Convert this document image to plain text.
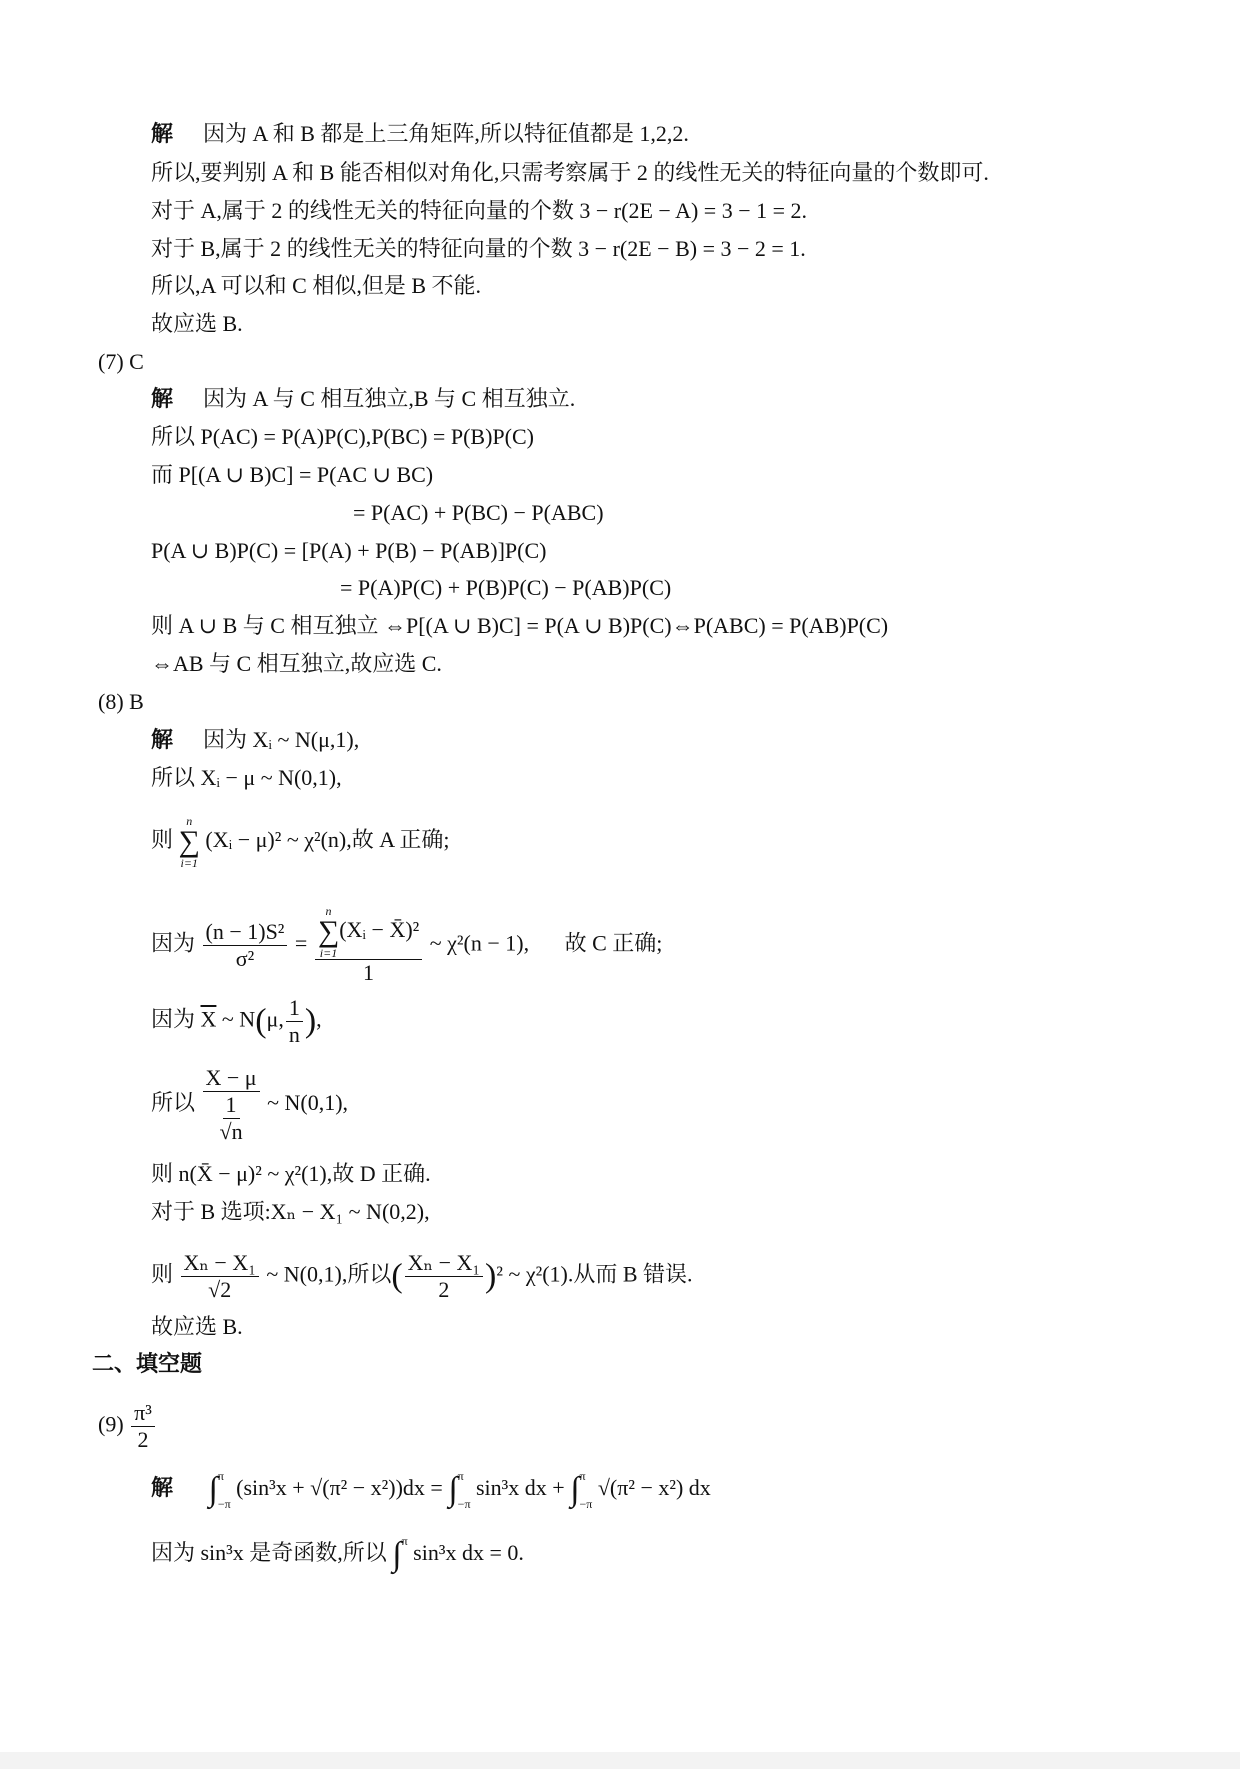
解 因为 A 和 B 都是上三角矩阵,所以特征值都是 1,2,2.
所以,要判别 A 和 B 能否相似对角化,只需考察属于 2 的线性无关的特征向量的个数即可.
对于 A,属于 2 的线性无关的特征向量的个数 3 − r(2E − A) = 3 − 1 = 2.
对于 B,属于 2 的线性无关的特征向量的个数 3 − r(2E − B) = 3 − 2 = 1.
所以,A 可以和 C 相似,但是 B 不能.
故应选 B.
(7) C
解 因为 A 与 C 相互独立,B 与 C 相互独立.
所以 P(AC) = P(A)P(C),P(BC) = P(B)P(C)
而 P[(A ∪ B)C] = P(AC ∪ BC)
= P(AC) + P(BC) − P(ABC)
P(A ∪ B)P(C) = [P(A) + P(B) − P(AB)]P(C)
= P(A)P(C) + P(B)P(C) − P(AB)P(C)
则 A ∪ B 与 C 相互独立 ⇔P[(A ∪ B)C] = P(A ∪ B)P(C)⇔P(ABC) = P(AB)P(C)
⇔AB 与 C 相互独立,故应选 C.
(8) B
解 因为 Xᵢ ~ N(μ,1),
所以 Xᵢ − μ ~ N(0,1),
则
n
∑
i=1
(Xᵢ − μ)² ~ χ²(n),故 A 正确;
因为 $\frac{\text{(n − 1)S²}}{\text{σ²}} = n$
∑
i=1
(Xᵢ − X̄)²
1 ~ χ²(n − 1), 故 C 正确;
因为 $\overline{X}$ ~ N(μ, $\frac{1}{n}$ ),
所以 $\frac{X - \mu}{\frac{1}{√n}}$ ~ N(0,1),
则 n(X̄ − μ)² ~ χ²(1),故 D 正确.
对于 B 选项:Xₙ − X₁ ~ N(0,2),
则 $\frac{\text{Xₙ − X₁}}{√2}$ ~ N(0,1),所以( $\frac{\text{Xₙ − X₁}}{2} )^2$ ~ χ²(1).从而 B 错误.
故应选 B.
二、填空题
$(9) \frac{\text{π³}}{2}$
解 ∫ π
−π
(sin³x + √(π² − x²))dx = ∫ π
−π
sin³x dx + ∫ π
−π
√(π² − x²) dx
因为 sin³x 是奇函数,所以 ∫ π sin³x dx = 0.
